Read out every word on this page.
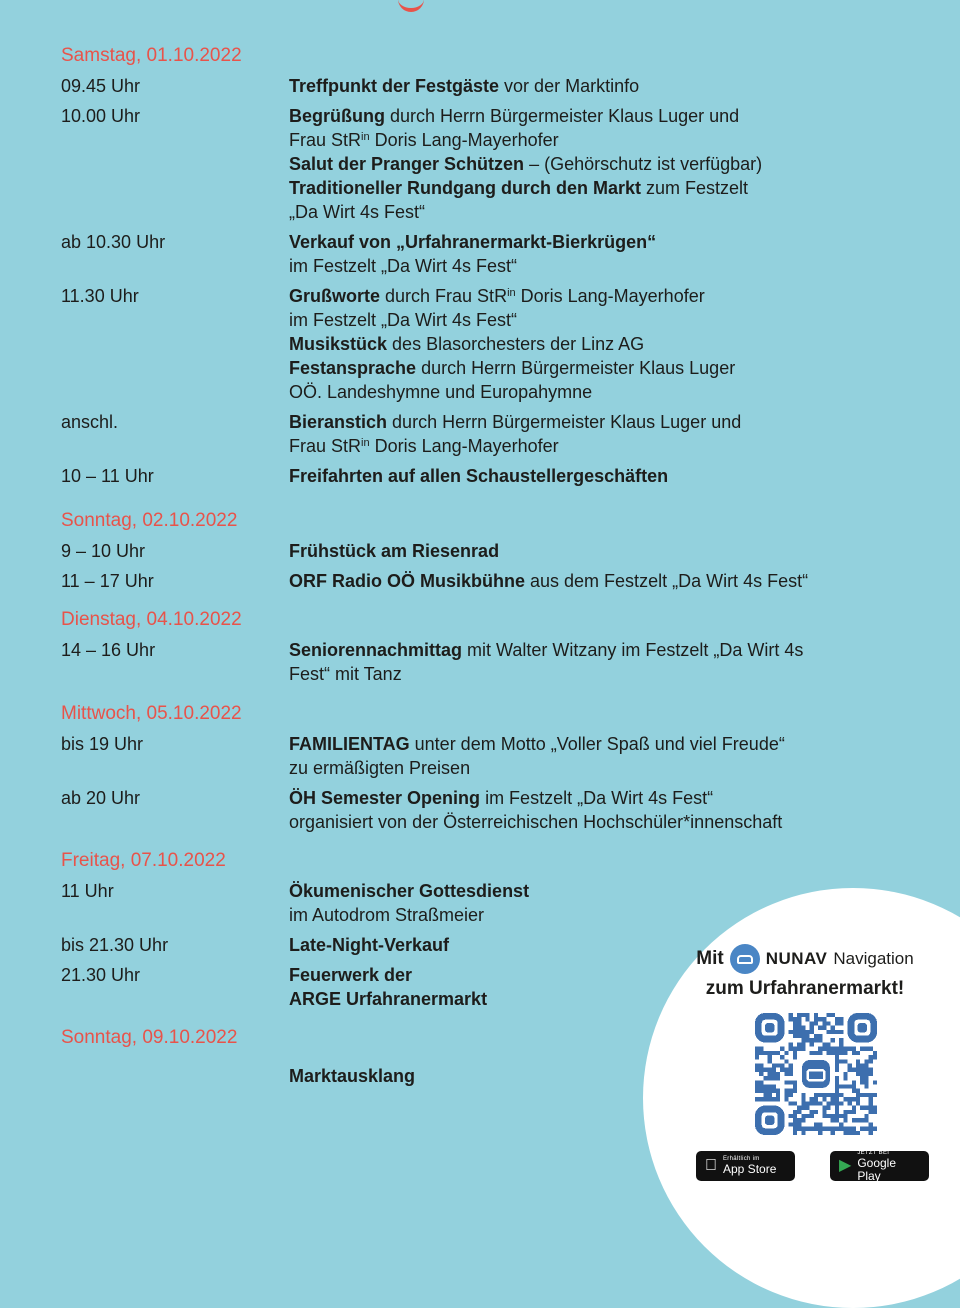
Samstag, 01.10.2022
09.45 Uhr	Treffpunkt der Festgäste vor der Marktinfo
10.00 Uhr	Begrüßung durch Herrn Bürgermeister Klaus Luger und
Frau StR$^{in}$ Doris Lang-Mayerhofer
Salut der Pranger Schützen – (Gehörschutz ist verfügbar)
Traditioneller Rundgang durch den Markt zum Festzelt
„Da Wirt 4s Fest“
ab 10.30 Uhr	Verkauf von „Urfahranermarkt-Bierkrügen“
im Festzelt „Da Wirt 4s Fest“
11.30 Uhr	Grußworte durch Frau StR$^{in}$ Doris Lang-Mayerhofer
im Festzelt „Da Wirt 4s Fest“
Musikstück des Blasorchesters der Linz AG
Festansprache durch Herrn Bürgermeister Klaus Luger
OÖ. Landeshymne und Europahymne
anschl.	Bieranstich durch Herrn Bürgermeister Klaus Luger und
Frau StR$^{in}$ Doris Lang-Mayerhofer
10 – 11 Uhr	Freifahrten auf allen Schaustellergeschäften
Sonntag, 02.10.2022
9 – 10 Uhr	Frühstück am Riesenrad
11 – 17 Uhr	ORF Radio OÖ Musikbühne aus dem Festzelt „Da Wirt 4s Fest“
Dienstag, 04.10.2022
14 – 16 Uhr	Seniorennachmittag mit Walter Witzany im Festzelt „Da Wirt 4s
Fest“ mit Tanz
Mittwoch, 05.10.2022
bis 19 Uhr	FAMILIENTAG unter dem Motto „Voller Spaß und viel Freude“
zu ermäßigten Preisen
ab 20 Uhr	ÖH Semester Opening im Festzelt „Da Wirt 4s Fest“
organisiert von der Österreichischen Hochschüler*innenschaft
Freitag, 07.10.2022
11 Uhr	Ökumenischer Gottesdienst
im Autodrom Straßmeier
bis 21.30 Uhr	Late-Night-Verkauf
21.30 Uhr	Feuerwerk der
ARGE Urfahranermarkt
Sonntag, 09.10.2022
Marktausklang
Mit NUNAV Navigation
zum Urfahranermarkt!
Erhältlich im
App Store	▶
JETZT BEI
Google Play
